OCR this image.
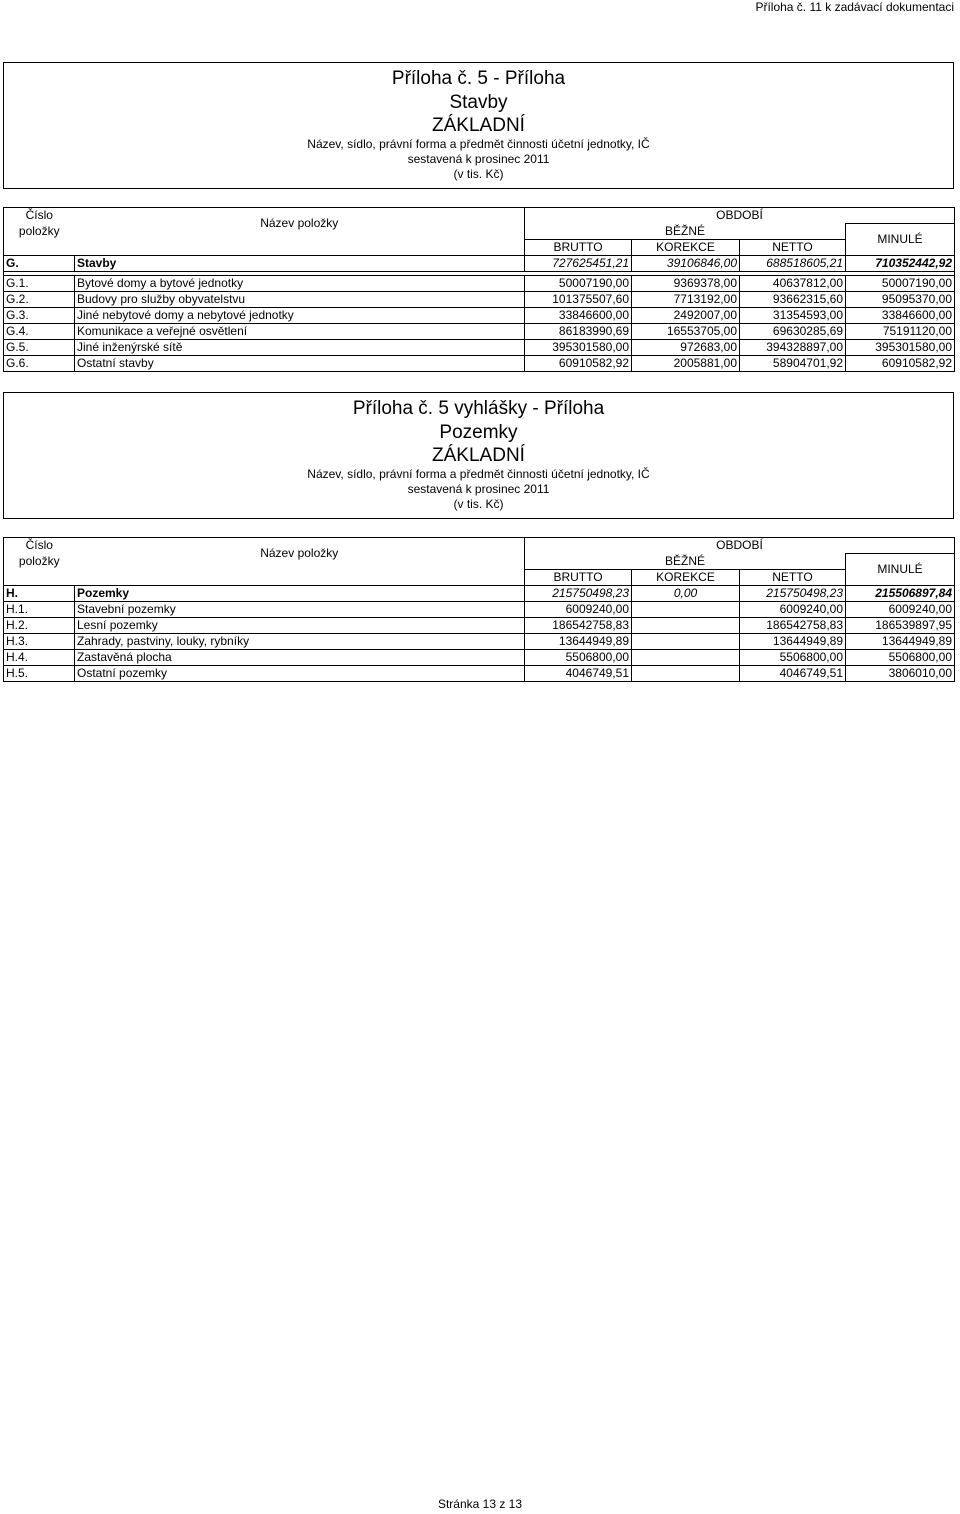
Příloha č. 11 k zadávací dokumentaci
Příloha č. 5 - Příloha
Stavby
ZÁKLADNÍ
Název, sídlo, právní forma a předmět činnosti účetní jednotky, IČ
sestavená k prosinec 2011
(v tis. Kč)
Číslo	Název položky	OBDOBÍ			
položky		BĚŽNÉ			MINULÉ
		BRUTTO	KOREKCE	NETTO	
G.	Stavby	727625451,21	39106846,00	688518605,21	710352442,92

G.1.	Bytové domy a bytové jednotky	50007190,00	9369378,00	40637812,00	50007190,00
G.2.	Budovy pro služby obyvatelstvu	101375507,60	7713192,00	93662315,60	95095370,00
G.3.	Jiné nebytové domy a nebytové jednotky	33846600,00	2492007,00	31354593,00	33846600,00
G.4.	Komunikace a veřejné osvětlení	86183990,69	16553705,00	69630285,69	75191120,00
G.5.	Jiné inženýrské sítě	395301580,00	972683,00	394328897,00	395301580,00
G.6.	Ostatní stavby	60910582,92	2005881,00	58904701,92	60910582,92
Příloha č. 5 vyhlášky - Příloha
Pozemky
ZÁKLADNÍ
Název, sídlo, právní forma a předmět činnosti účetní jednotky, IČ
sestavená k prosinec 2011
(v tis. Kč)
Číslo	Název položky	OBDOBÍ			
položky		BĚŽNÉ			MINULÉ
		BRUTTO	KOREKCE	NETTO	
H.	Pozemky	215750498,23	0,00	215750498,23	215506897,84
H.1.	Stavební pozemky	6009240,00		6009240,00	6009240,00
H.2.	Lesní pozemky	186542758,83		186542758,83	186539897,95
H.3.	Zahrady, pastviny, louky, rybníky	13644949,89		13644949,89	13644949,89
H.4.	Zastavěná plocha	5506800,00		5506800,00	5506800,00
H.5.	Ostatní pozemky	4046749,51		4046749,51	3806010,00
Stránka 13 z 13
